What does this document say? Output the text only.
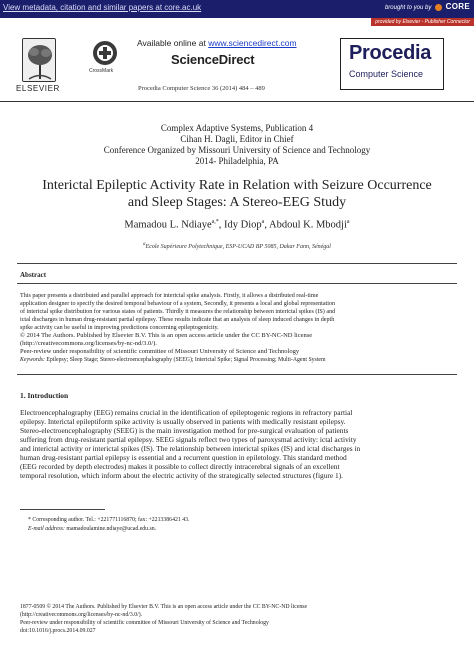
View metadata, citation and similar papers at core.ac.uk	brought to you by CORE
provided by Elsevier - Publisher Connector
ELSEVIER
CrossMark
Available online at www.sciencedirect.com
ScienceDirect
Procedia Computer Science 36 (2014) 484 – 489
Procedia
Computer Science
Complex Adaptive Systems, Publication 4
Cihan H. Dagli, Editor in Chief
Conference Organized by Missouri University of Science and Technology
2014- Philadelphia, PA
Interictal Epileptic Activity Rate in Relation with Seizure Occurrence
and Sleep Stages: A Stereo-EEG Study
Mamadou L. Ndiaye$^{a,*}$, Idy Diop$^a$, Abdoul K. Mbodji$^a$
$^a$Ecole Supérieure Polytechnique, ESP-UCAD BP 5085, Dakar Fann, Sénégal
Abstract
This paper presents a distributed and parallel approach for interictal spike analysis. Firstly, it allows a distributed real-time
application designer to specify the desired temporal behaviour of a system, Secondly, it presents a local and global representation
of interictal spike distribution for various states of patients. Thirdly it measures the relationship between interictal spikes (IS) and
ictal discharges in human drug-resistant partial epilepsy. These results indicate that an analysis of sleep induced changes in depth
spike activity can be useful in improving predictions concerning epileptogenicity.
© 2014 The Authors. Published by Elsevier B.V. This is an open access article under the CC BY-NC-ND license
(http://creativecommons.org/licenses/by-nc-nd/3.0/).
Peer-review under responsibility of scientific committee of Missouri University of Science and Technology
Keywords: Epilepsy; Sleep Stage; Stereo-electroencephalography (SEEG); Interictal Spike; Signal Processing; Multi-Agent System
1. Introduction
Electroencephalography (EEG) remains crucial in the identification of epileptogenic regions in refractory partial
epilepsy. Interictal epileptiform spike activity is usually observed in patients with medically resistant epilepsy.
Stereo-electroencephalography (SEEG) is the main investigation method for pre-surgical evaluation of patients
suffering from drug-resistant partial epilepsy. SEEG signals reflect two types of paroxysmal activity: ictal activity
and interictal activity or interictal spikes (IS). The relationship between interictal spikes (IS) and ictal discharges in
human drug-resistant partial epilepsy is essential and a recurrent question in epiletology. This standard method
(EEG recorded by depth electrodes) makes it possible to collect directly intracerebral signals of an excellent
temporal resolution, which inform about the electric activity of the strategically selected structures (figure 1).
* Corresponding author. Tel.: +221771116870; fax: +2213386421 43.
E-mail address: mamadoulamine.ndiaye@ucad.edu.sn.
1877-0509 © 2014 The Authors. Published by Elsevier B.V. This is an open access article under the CC BY-NC-ND license
(http://creativecommons.org/licenses/by-nc-nd/3.0/).
Peer-review under responsibility of scientific committee of Missouri University of Science and Technology
doi:10.1016/j.procs.2014.09.027
